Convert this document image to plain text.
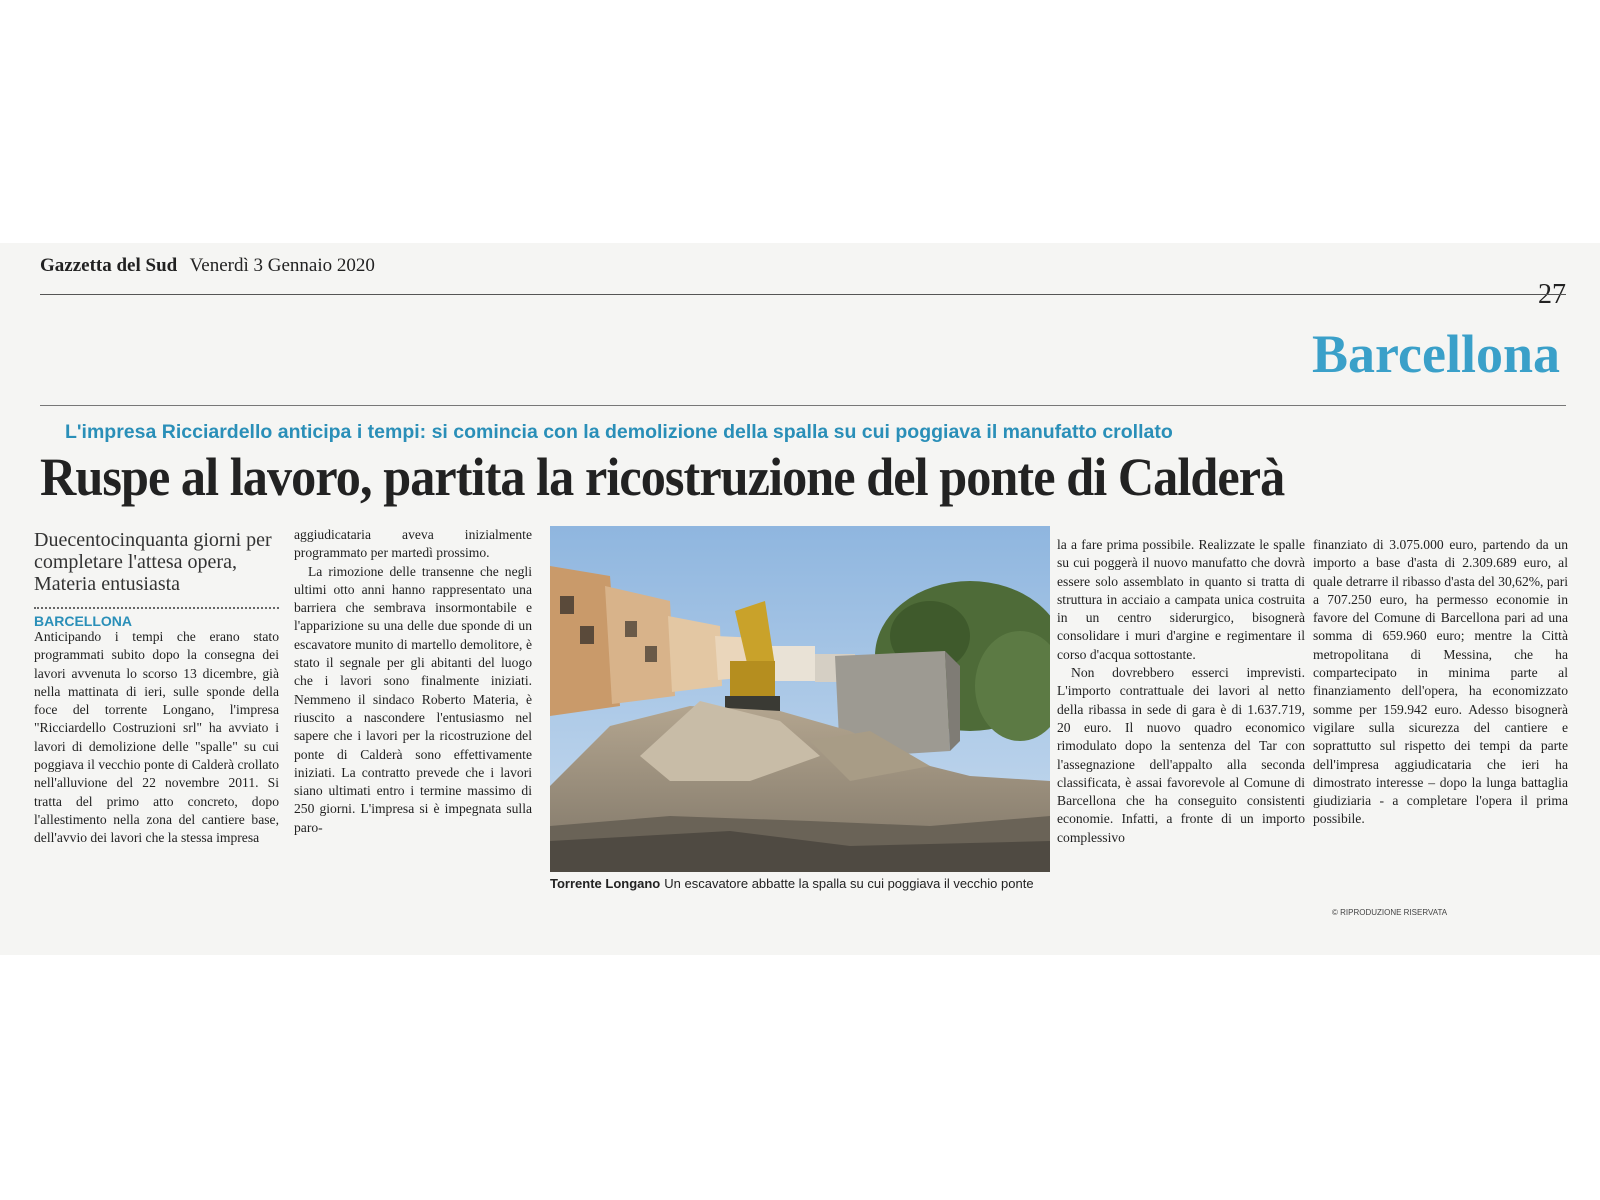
Gazzetta del Sud Venerdì 3 Gennaio 2020
27
Barcellona
L'impresa Ricciardello anticipa i tempi: si comincia con la demolizione della spalla su cui poggiava il manufatto crollato
Ruspe al lavoro, partita la ricostruzione del ponte di Calderà
Duecentocinquanta giorni per completare l'attesa opera, Materia entusiasta
BARCELLONA

Anticipando i tempi che erano stato programmati subito dopo la consegna dei lavori avvenuta lo scorso 13 dicembre, già nella mattinata di ieri, sulle sponde della foce del torrente Longano, l'impresa "Ricciardello Costruzioni srl" ha avviato i lavori di demolizione delle "spalle" su cui poggiava il vecchio ponte di Calderà crollato nell'alluvione del 22 novembre 2011. Si tratta del primo atto concreto, dopo l'allestimento nella zona del cantiere base, dell'avvio dei lavori che la stessa impresa

aggiudicataria aveva inizialmente programmato per martedì prossimo.

La rimozione delle transenne che negli ultimi otto anni hanno rappresentato una barriera che sembrava insormontabile e l'apparizione su una delle due sponde di un escavatore munito di martello demolitore, è stato il segnale per gli abitanti del luogo che i lavori sono finalmente iniziati. Nemmeno il sindaco Roberto Materia, è riuscito a nascondere l'entusiasmo nel sapere che i lavori per la ricostruzione del ponte di Calderà sono effettivamente iniziati. La contratto prevede che i lavori siano ultimati entro i termine massimo di 250 giorni. L'impresa si è impegnata sulla paro-

Torrente Longano Un escavatore abbatte la spalla su cui poggiava il vecchio ponte

la a fare prima possibile. Realizzate le spalle su cui poggerà il nuovo manufatto che dovrà essere solo assemblato in quanto si tratta di struttura in acciaio a campata unica costruita in un centro siderurgico, bisognerà consolidare i muri d'argine e regimentare il corso d'acqua sottostante.

Non dovrebbero esserci imprevisti. L'importo contrattuale dei lavori al netto della ribassa in sede di gara è di 1.637.719, 20 euro. Il nuovo quadro economico rimodulato dopo la sentenza del Tar con l'assegnazione dell'appalto alla seconda classificata, è assai favorevole al Comune di Barcellona che ha conseguito consistenti economie. Infatti, a fronte di un importo complessivo

finanziato di 3.075.000 euro, partendo da un importo a base d'asta di 2.309.689 euro, al quale detrarre il ribasso d'asta del 30,62%, pari a 707.250 euro, ha permesso economie in favore del Comune di Barcellona pari ad una somma di 659.960 euro; mentre la Città metropolitana di Messina, che ha compartecipato in minima parte al finanziamento dell'opera, ha economizzato somme per 159.942 euro. Adesso bisognerà vigilare sulla sicurezza del cantiere e soprattutto sul rispetto dei tempi da parte dell'impresa aggiudicataria che ieri ha dimostrato interesse – dopo la lunga battaglia giudiziaria - a completare l'opera il prima possibile.

© RIPRODUZIONE RISERVATA
